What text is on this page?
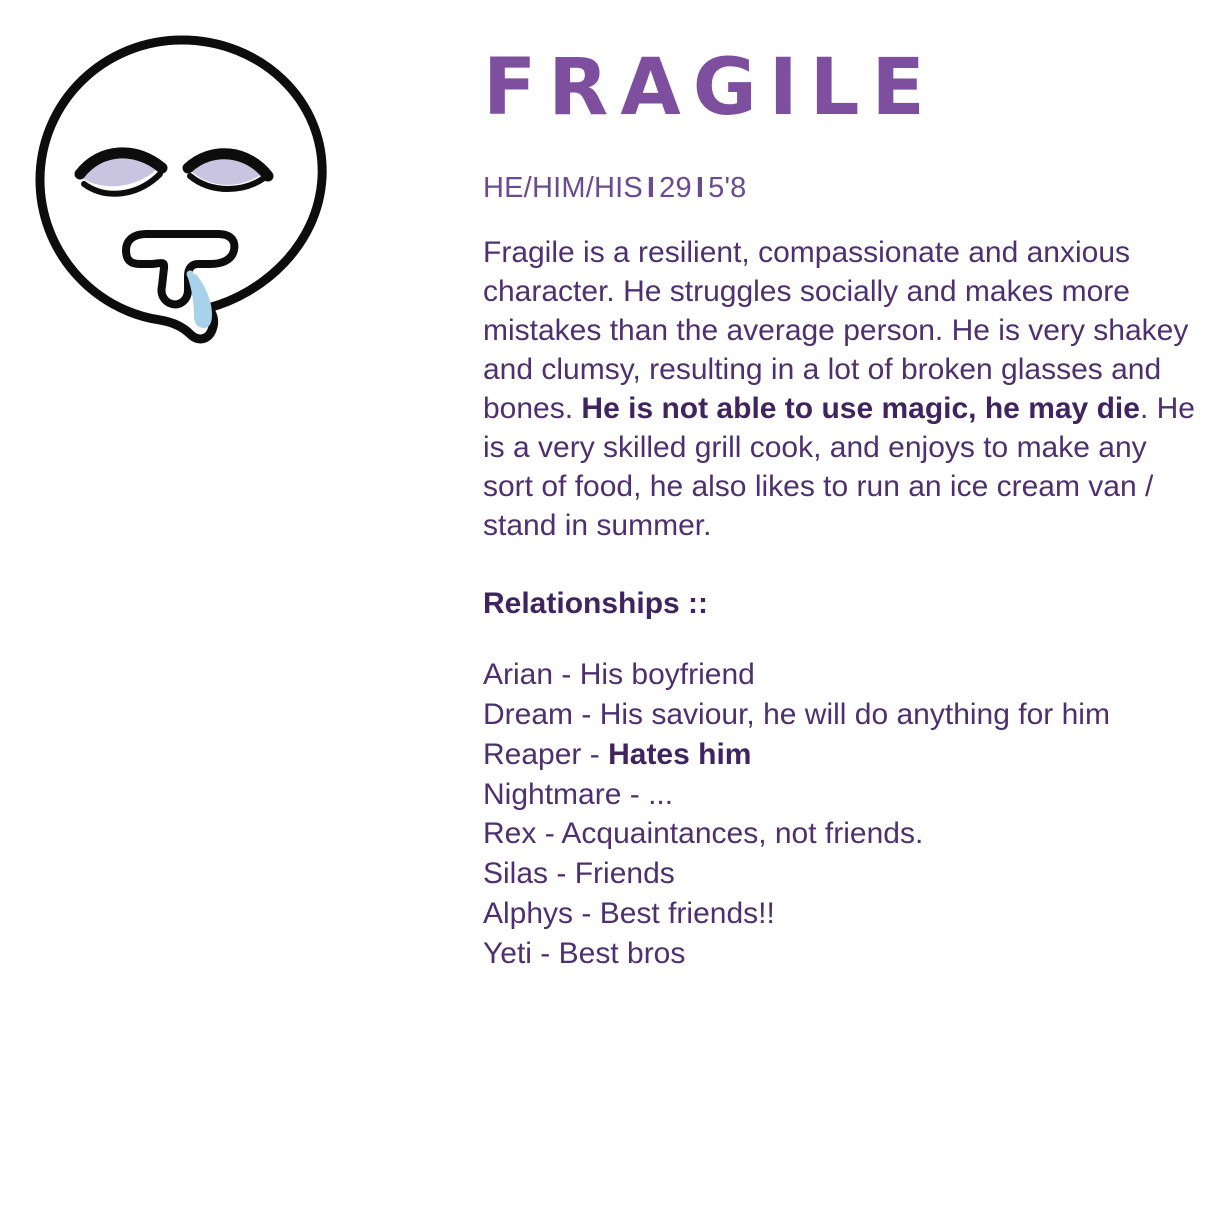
FRAGILE
HE/HIM/HIS I 29 I 5'8

Fragile is a resilient, compassionate and anxious character. He struggles socially and makes more mistakes than the average person. He is very shakey and clumsy, resulting in a lot of broken glasses and bones. He is not able to use magic, he may die. He is a very skilled grill cook, and enjoys to make any sort of food, he also likes to run an ice cream van / stand in summer.

Relationships ::
Arian - His boyfriend
Dream - His saviour, he will do anything for him
Reaper - Hates him
Nightmare - ...
Rex - Acquaintances, not friends.
Silas - Friends
Alphys - Best friends!!
Yeti - Best bros
